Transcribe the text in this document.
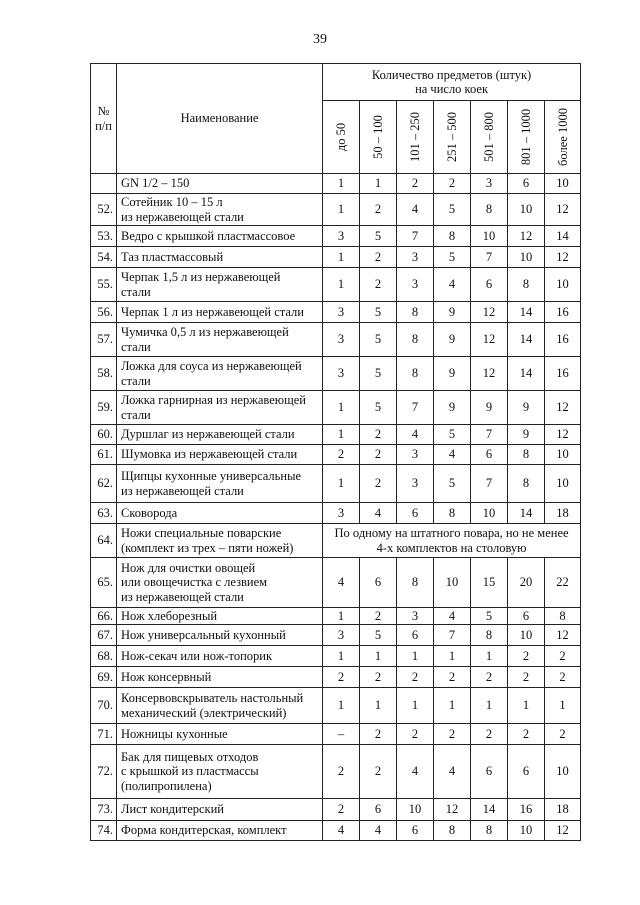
39
№
п/п	Наименование	Количество предметов (штук)
на число коек						

		до 50	50 – 100	101 – 250	251 – 500	501 – 800	801 – 1000	более 1000

	GN 1/2 – 150	1	1	2	2	3	6	10
52.	Сотейник 10 – 15 л
из нержавеющей стали	1	2	4	5	8	10	12
53.	Ведро с крышкой пластмассовое	3	5	7	8	10	12	14
54.	Таз пластмассовый	1	2	3	5	7	10	12
55.	Черпак 1,5 л из нержавеющей
стали	1	2	3	4	6	8	10
56.	Черпак 1 л из нержавеющей стали	3	5	8	9	12	14	16
57.	Чумичка 0,5 л из нержавеющей
стали	3	5	8	9	12	14	16
58.	Ложка для соуса из нержавеющей
стали	3	5	8	9	12	14	16
59.	Ложка гарнирная из нержавеющей
стали	1	5	7	9	9	9	12
60.	Дуршлаг из нержавеющей стали	1	2	4	5	7	9	12
61.	Шумовка из нержавеющей стали	2	2	3	4	6	8	10
62.	Щипцы кухонные универсальные
из нержавеющей стали	1	2	3	5	7	8	10
63.	Сковорода	3	4	6	8	10	14	18
64.	Ножи специальные поварские
(комплект из трех – пяти ножей)	По одному на штатного повара, но не менее
4-х комплектов на столовую						
65.	Нож для очистки овощей
или овощечистка с лезвием
из нержавеющей стали	4	6	8	10	15	20	22
66.	Нож хлеборезный	1	2	3	4	5	6	8
67.	Нож универсальный кухонный	3	5	6	7	8	10	12
68.	Нож-секач или нож-топорик	1	1	1	1	1	2	2
69.	Нож консервный	2	2	2	2	2	2	2
70.	Консервовскрыватель настольный
механический (электрический)	1	1	1	1	1	1	1
71.	Ножницы кухонные	–	2	2	2	2	2	2
72.	Бак для пищевых отходов
с крышкой из пластмассы
(полипропилена)	2	2	4	4	6	6	10
73.	Лист кондитерский	2	6	10	12	14	16	18
74.	Форма кондитерская, комплект	4	4	6	8	8	10	12
